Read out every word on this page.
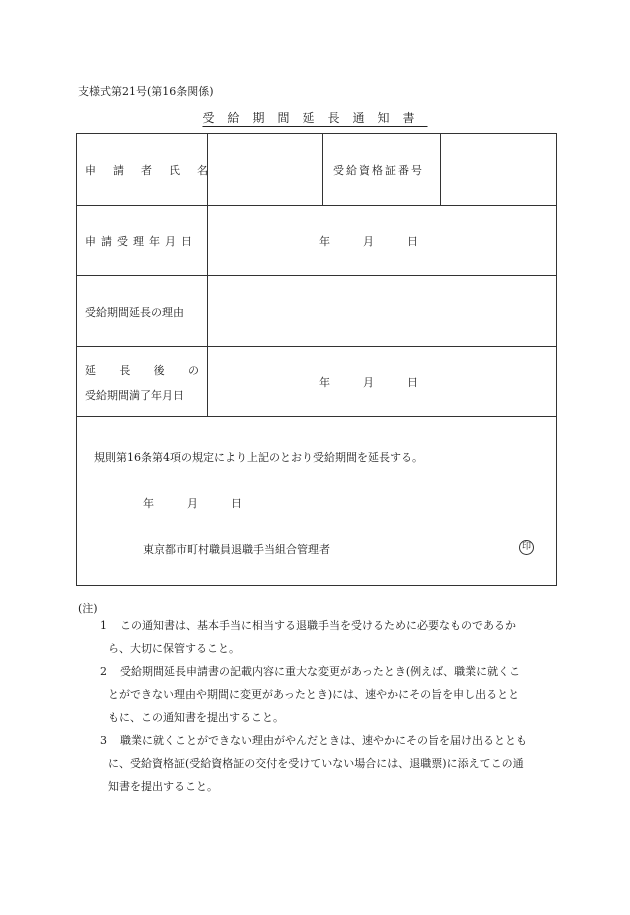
支様式第21号(第16条関係)
受給期間延長通知書
申請者氏名	受給資格証番号
申請受理年月日	年	月	日
受給期間延長の理由
延 長 後 の
受給期間満了年月日
年	月	日
規則第16条第4項の規定により上記のとおり受給期間を延長する。
年	月	日
東京都市町村職員退職手当組合管理者	印
(注)
1 この通知書は、基本手当に相当する退職手当を受けるために必要なものであるか
ら、大切に保管すること。
2 受給期間延長申請書の記載内容に重大な変更があったとき(例えば、職業に就くこ
とができない理由や期間に変更があったとき)には、速やかにその旨を申し出るとと
もに、この通知書を提出すること。
3 職業に就くことができない理由がやんだときは、速やかにその旨を届け出るととも
に、受給資格証(受給資格証の交付を受けていない場合には、退職票)に添えてこの通
知書を提出すること。
